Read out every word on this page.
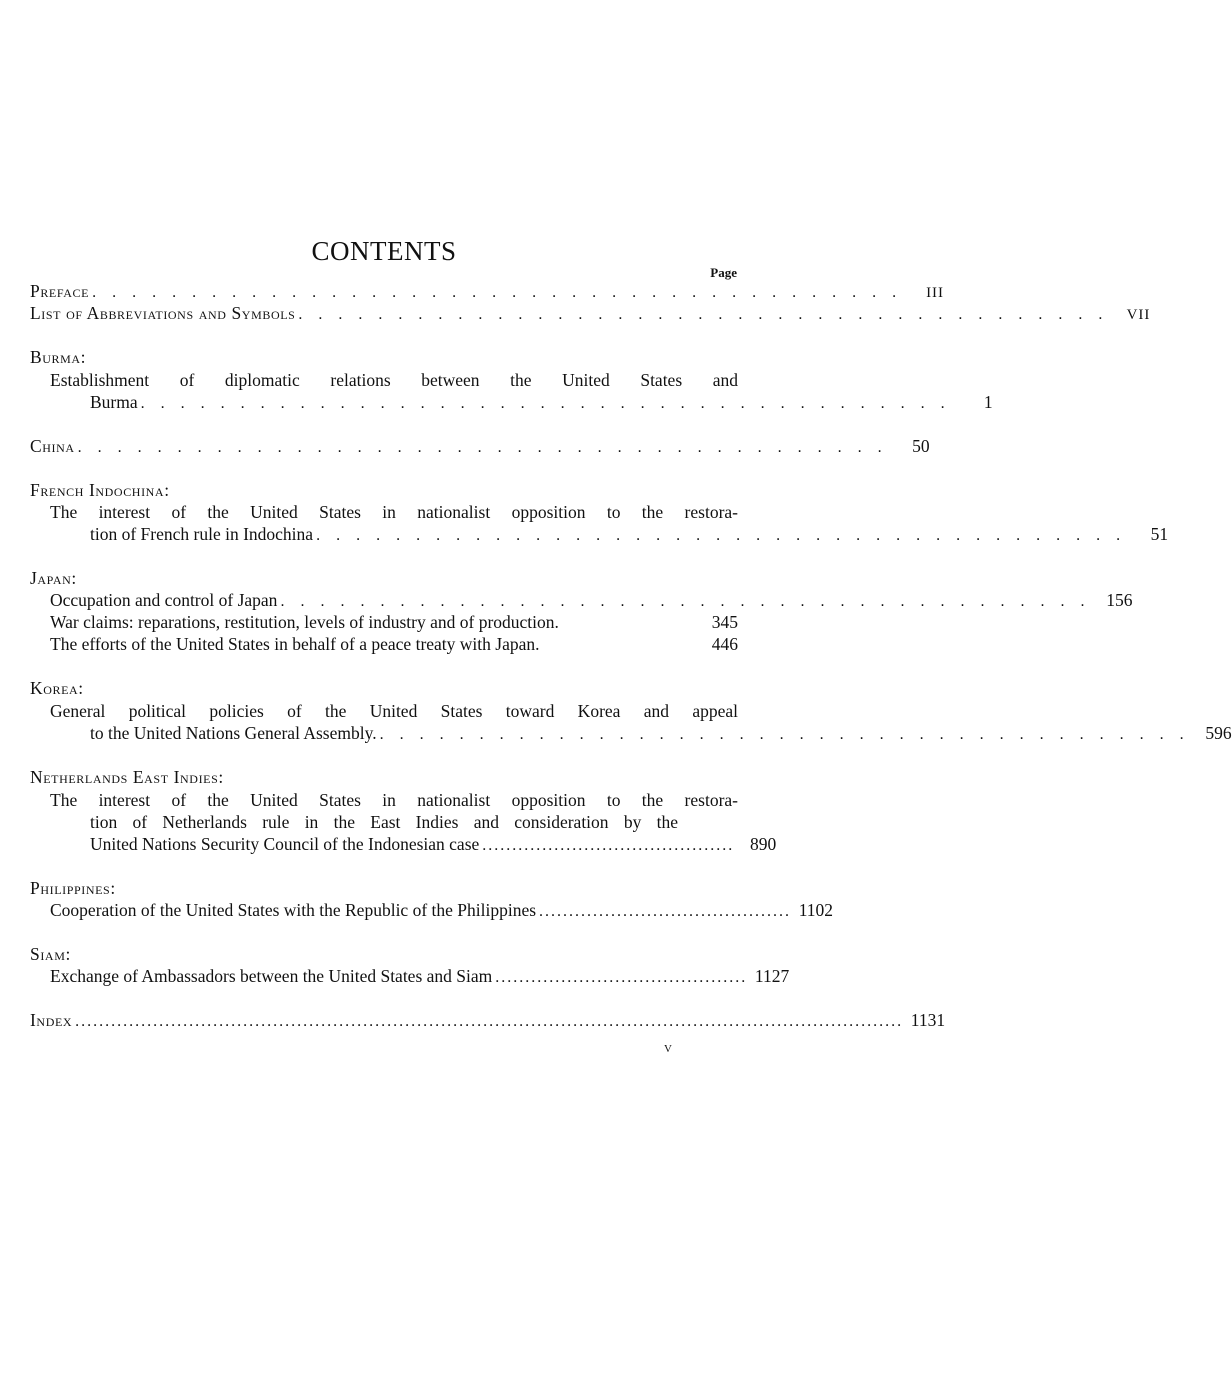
CONTENTS
Page
Preface . . . . . . . . . . . . . . . . . . . . . . . . . . . . . . . . . . . . . . . . .	III
List of Abbreviations and Symbols . . . . . . . . . . . . . . . . . . . . . . . . . . . . . . . . . . . . . . . . .	VII
Burma:
Establishment of diplomatic relations between the United States and
Burma . . . . . . . . . . . . . . . . . . . . . . . . . . . . . . . . . . . . . . . . .	1
China . . . . . . . . . . . . . . . . . . . . . . . . . . . . . . . . . . . . . . . . .	50
French Indochina:
The interest of the United States in nationalist opposition to the restora-
tion of French rule in Indochina . . . . . . . . . . . . . . . . . . . . . . . . . . . . . . . . . . . . . . . . .	51
Japan:
Occupation and control of Japan . . . . . . . . . . . . . . . . . . . . . . . . . . . . . . . . . . . . . . . . . 156
War claims: reparations, restitution, levels of industry and of production.	345
The efforts of the United States in behalf of a peace treaty with Japan.	446
Korea:
General political policies of the United States toward Korea and appeal
to the United Nations General Assembly. . . . . . . . . . . . . . . . . . . . . . . . . . . . . . . . . . . . . . . . . . 596
Netherlands East Indies:
The interest of the United States in nationalist opposition to the restora-
tion of Netherlands rule in the East Indies and consideration by the
United Nations Security Council of the Indonesian case .......................................... 890
Philippines:
Cooperation of the United States with the Republic of the Philippines .......................................... 1102
Siam:
Exchange of Ambassadors between the United States and Siam .......................................... 1127
Index .......................................................................................................................................... 1131
v
